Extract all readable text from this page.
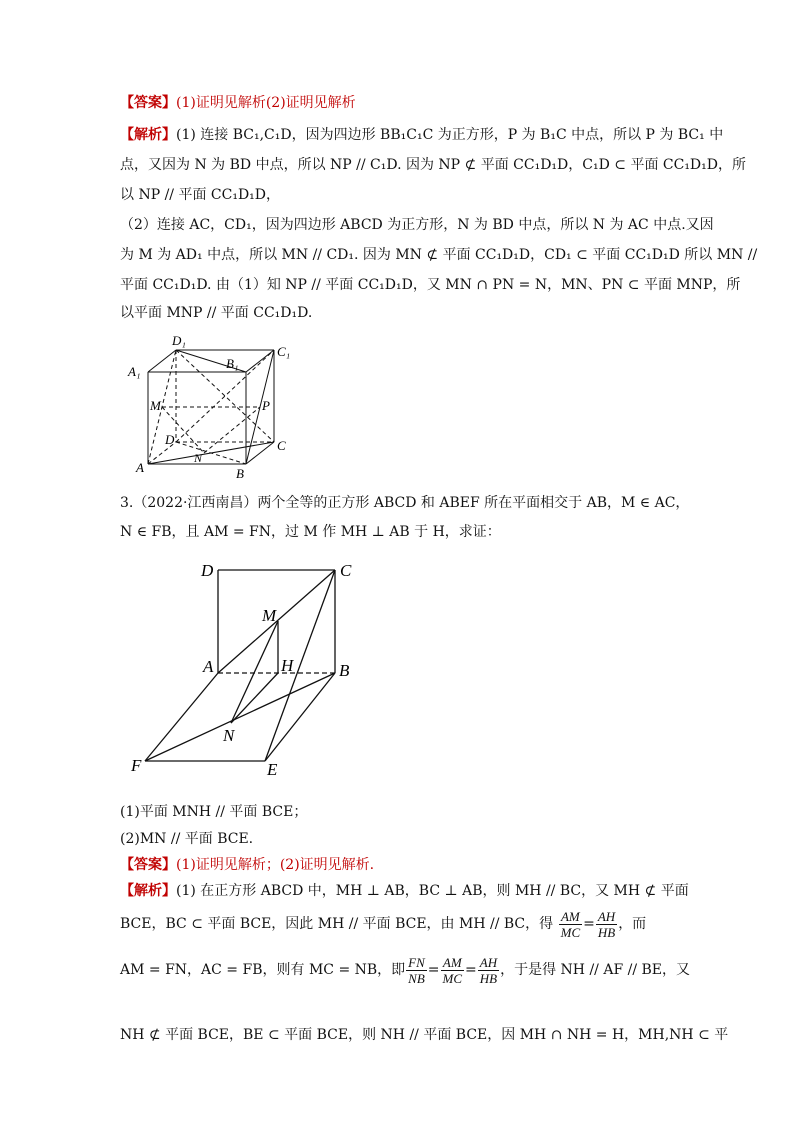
【答案】(1)证明见解析(2)证明见解析
【解析】(1) 连接 BC₁,C₁D，因为四边形 BB₁C₁C 为正方形，P 为 B₁C 中点，所以 P 为 BC₁ 中
点，又因为 N 为 BD 中点，所以 NP // C₁D. 因为 NP ⊄ 平面 CC₁D₁D，C₁D ⊂ 平面 CC₁D₁D，所
以 NP // 平面 CC₁D₁D，
（2）连接 AC，CD₁，因为四边形 ABCD 为正方形，N 为 BD 中点，所以 N 为 AC 中点.又因
为 M 为 AD₁ 中点，所以 MN // CD₁. 因为 MN ⊄ 平面 CC₁D₁D，CD₁ ⊂ 平面 CC₁D₁D 所以 MN //
平面 CC₁D₁D. 由（1）知 NP // 平面 CC₁D₁D，又 MN ∩ PN = N，MN、PN ⊂ 平面 MNP，所
以平面 MNP // 平面 CC₁D₁D.
D₁
B₁
C₁
A₁
M	P
D	C
N
A	B
3.（2022·江西南昌）两个全等的正方形 ABCD 和 ABEF 所在平面相交于 AB，M ∈ AC，
N ∈ FB，且 AM = FN，过 M 作 MH ⊥ AB 于 H，求证：
D	C
M
A	H	B
N
F	E
(1)平面 MNH // 平面 BCE；
(2)MN // 平面 BCE.
【答案】(1)证明见解析；(2)证明见解析.
【解析】(1) 在正方形 ABCD 中，MH ⊥ AB，BC ⊥ AB，则 MH // BC，又 MH ⊄ 平面
BCE，BC ⊂ 平面 BCE，因此 MH // 平面 BCE，由 MH // BC，得 $\frac{AM}{MC} = \frac{AH}{HB}$ ，而
AM = FN，AC = FB，则有 MC = NB，即 $\frac{FN}{NB} = \frac{AM}{MC} = \frac{AH}{HB}$ ，于是得 NH // AF // BE，又
NH ⊄ 平面 BCE，BE ⊂ 平面 BCE，则 NH // 平面 BCE，因 MH ∩ NH = H，MH,NH ⊂ 平
